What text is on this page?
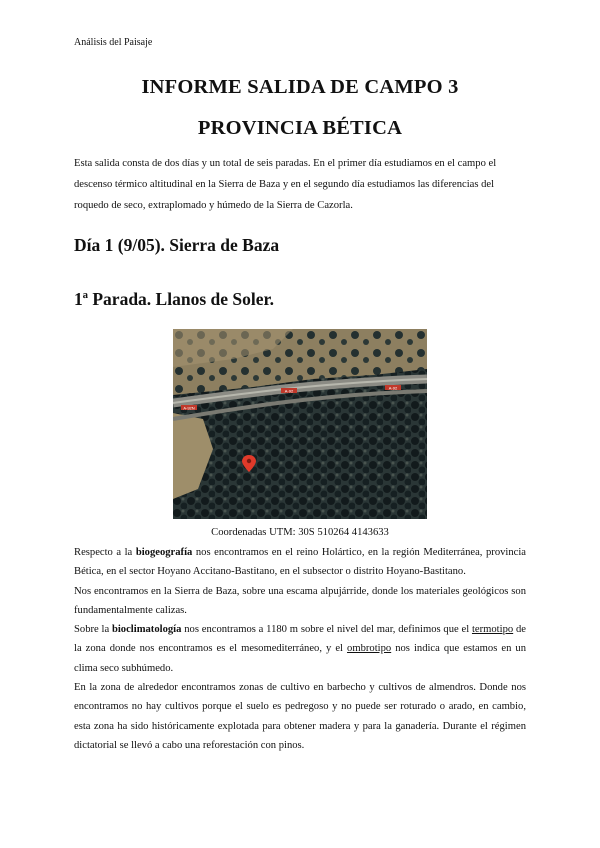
Análisis del Paisaje
INFORME SALIDA DE CAMPO 3
PROVINCIA BÉTICA
Esta salida consta de dos días y un total de seis paradas. En el primer día estudiamos en el campo el descenso térmico altitudinal en la Sierra de Baza y en el segundo día estudiamos las diferencias del roquedo de seco, extraplomado y húmedo de la Sierra de Cazorla.
Día 1 (9/05). Sierra de Baza
1ª Parada. Llanos de Soler.
A-92
A-92N
A-92
Coordenadas UTM: 30S 510264 4143633

Respecto a la biogeografía nos encontramos en el reino Holártico, en la región Mediterránea, provincia Bética, en el sector Hoyano Accitano-Bastitano, en el subsector o distrito Hoyano-Bastitano.

Nos encontramos en la Sierra de Baza, sobre una escama alpujárride, donde los materiales geológicos son fundamentalmente calizas.

Sobre la bioclimatología nos encontramos a 1180 m sobre el nivel del mar, definimos que el termotipo de la zona donde nos encontramos es el mesomediterráneo, y el ombrotipo nos indica que estamos en un clima seco subhúmedo.

En la zona de alrededor encontramos zonas de cultivo en barbecho y cultivos de almendros. Donde nos encontramos no hay cultivos porque el suelo es pedregoso y no puede ser roturado o arado, en cambio, esta zona ha sido históricamente explotada para obtener madera y para la ganadería. Durante el régimen dictatorial se llevó a cabo una reforestación con pinos.
